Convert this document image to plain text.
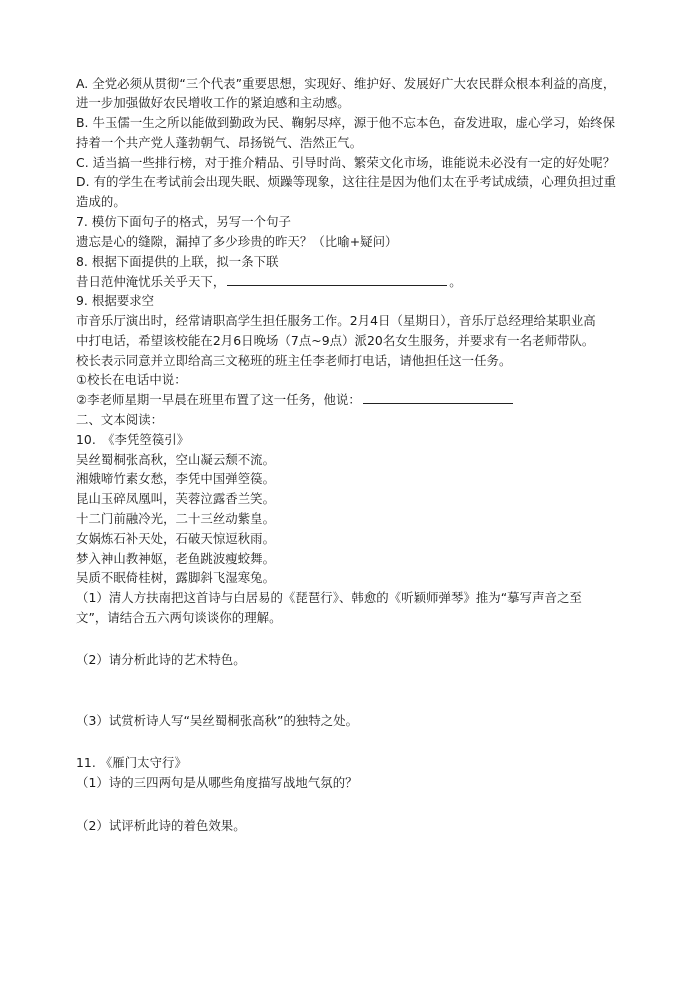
A. 全党必须从贯彻“三个代表”重要思想，实现好、维护好、发展好广大农民群众根本利益的高度，
进一步加强做好农民增收工作的紧迫感和主动感。
B. 牛玉儒一生之所以能做到勤政为民、鞠躬尽瘁，源于他不忘本色，奋发进取，虚心学习，始终保
持着一个共产党人蓬勃朝气、昂扬锐气、浩然正气。
C. 适当搞一些排行榜，对于推介精品、引导时尚、繁荣文化市场，谁能说未必没有一定的好处呢？
D. 有的学生在考试前会出现失眠、烦躁等现象，这往往是因为他们太在乎考试成绩，心理负担过重
造成的。
7. 模仿下面句子的格式，另写一个句子
遗忘是心的缝隙，漏掉了多少珍贵的昨天？（比喻+疑问）
8. 根据下面提供的上联，拟一条下联
昔日范仲淹忧乐关乎天下，	。
9. 根据要求空
市音乐厅演出时，经常请职高学生担任服务工作。2月4日（星期日），音乐厅总经理给某职业高
中打电话，希望该校能在2月6日晚场（7点~9点）派20名女生服务，并要求有一名老师带队。
校长表示同意并立即给高三文秘班的班主任李老师打电话，请他担任这一任务。
①校长在电话中说：
②李老师星期一早晨在班里布置了这一任务，他说：
二、文本阅读：
10.　《李凭箜篌引》
吴丝蜀桐张高秋，空山凝云颓不流。
湘娥啼竹素女愁，李凭中国弹箜篌。
昆山玉碎凤凰叫，芙蓉泣露香兰笑。
十二门前融冷光，二十三丝动紫皇。
女娲炼石补天处，石破天惊逗秋雨。
梦入神山教神妪，老鱼跳波瘦蛟舞。
吴质不眠倚桂树，露脚斜飞湿寒兔。
（1）清人方扶南把这首诗与白居易的《琵琶行》、韩愈的《听颖师弹琴》推为“摹写声音之至
文”，请结合五六两句谈谈你的理解。
（2）请分析此诗的艺术特色。
（3）试赏析诗人写“吴丝蜀桐张高秋”的独特之处。
11. 《雁门太守行》
（1）诗的三四两句是从哪些角度描写战地气氛的？
（2）试评析此诗的着色效果。
